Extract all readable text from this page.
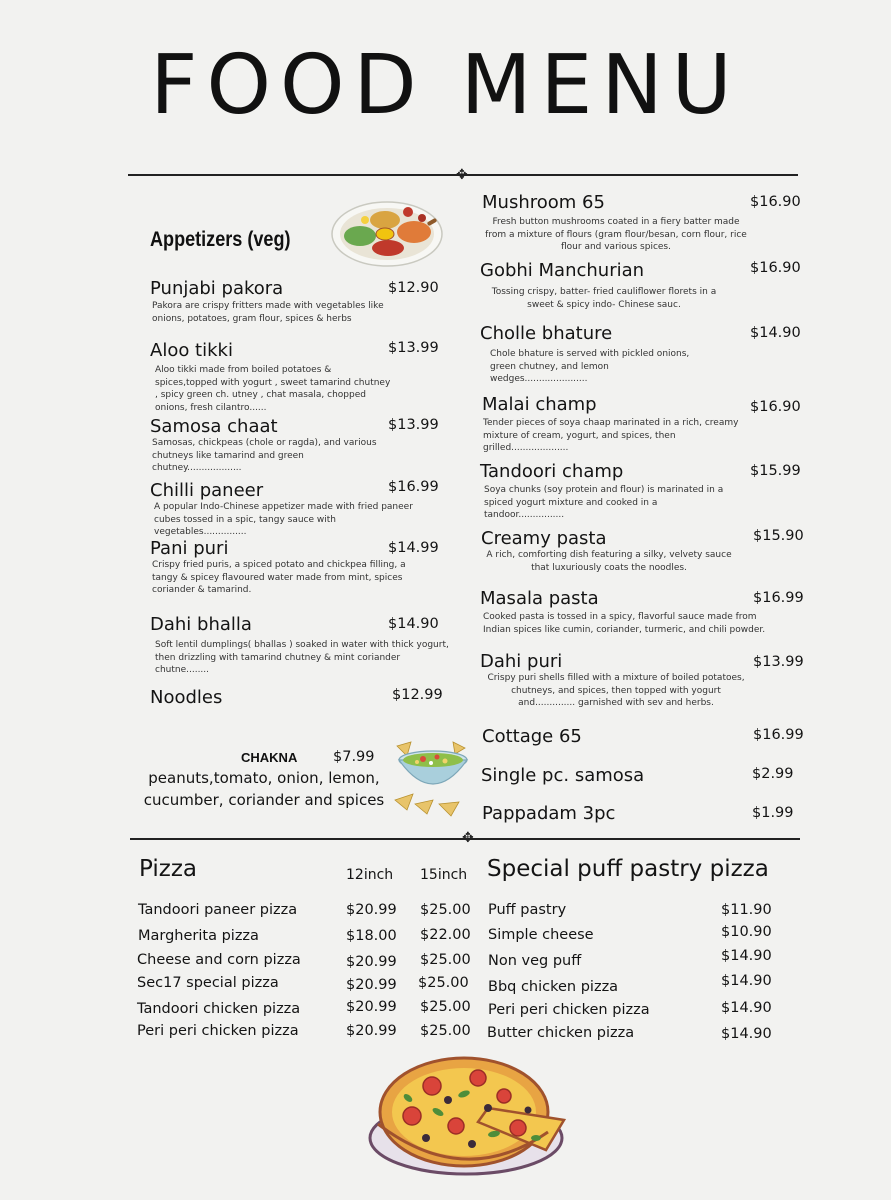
FOOD MENU
✥
Appetizers (veg)
Punjabi pakora	$12.90
Pakora are crispy fritters made with vegetables like onions, potatoes, gram flour, spices & herbs
Aloo tikki	$13.99
Aloo tikki made from boiled potatoes & spices,topped with yogurt , sweet tamarind chutney , spicy green ch. utney , chat masala, chopped onions, fresh cilantro......
Samosa chaat	$13.99
Samosas, chickpeas (chole or ragda), and various chutneys like tamarind and green chutney...................
Chilli paneer	$16.99
A popular Indo-Chinese appetizer made with fried paneer cubes tossed in a spic, tangy sauce with vegetables...............
Pani puri	$14.99
Crispy fried puris, a spiced potato and chickpea filling, a tangy & spicey flavoured water made from mint, spices coriander & tamarind.
Dahi bhalla	$14.90
Soft lentil dumplings( bhallas ) soaked in water with thick yogurt, then drizzling with tamarind chutney & mint coriander chutne........
Noodles	$12.99
CHAKNA $7.99
peanuts,tomato, onion, lemon, cucumber, coriander and spices
Mushroom 65	$16.90
Fresh button mushrooms coated in a fiery batter made from a mixture of flours (gram flour/besan, corn flour, rice flour and various spices.
Gobhi Manchurian	$16.90
Tossing crispy, batter- fried cauliflower florets in a sweet & spicy indo- Chinese sauc.
Cholle bhature	$14.90
Chole bhature is served with pickled onions, green chutney, and lemon wedges......................
Malai champ	$16.90
Tender pieces of soya chaap marinated in a rich, creamy mixture of cream, yogurt, and spices, then grilled....................
Tandoori champ	$15.99
Soya chunks (soy protein and flour) is marinated in a spiced yogurt mixture and cooked in a tandoor................
Creamy pasta	$15.90
A rich, comforting dish featuring a silky, velvety sauce that luxuriously coats the noodles.
Masala pasta	$16.99
Cooked pasta is tossed in a spicy, flavorful sauce made from Indian spices like cumin, coriander, turmeric, and chili powder.
Dahi puri	$13.99
Crispy puri shells filled with a mixture of boiled potatoes, chutneys, and spices, then topped with yogurt and.............. garnished with sev and herbs.
Cottage 65	$16.99
Single pc. samosa	$2.99
Pappadam 3pc	$1.99
✥
Pizza	12inch 15inch
Tandoori paneer pizza	$20.99 $25.00
Margherita pizza	$18.00 $22.00
Cheese and corn pizza	$20.99 $25.00
Sec17 special pizza	$20.99 $25.00
Tandoori chicken pizza	$20.99 $25.00
Peri peri chicken pizza	$20.99 $25.00
Special puff pastry pizza
Puff pastry	$11.90
Simple cheese	$10.90
Non veg puff	$14.90
Bbq chicken pizza	$14.90
Peri peri chicken pizza	$14.90
Butter chicken pizza	$14.90
